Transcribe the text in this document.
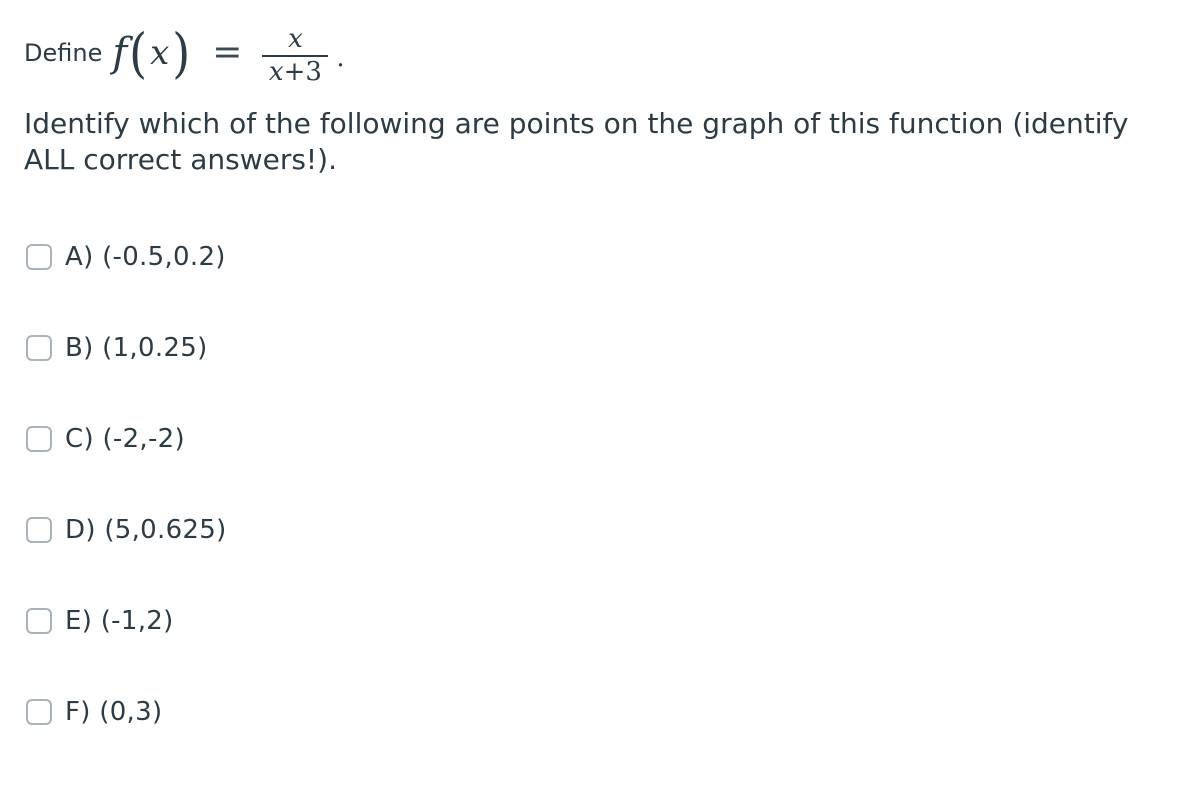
Define f ( x ) = $\frac{x}{x+3}$ .
Identify which of the following are points on the graph of this function (identify ALL correct answers!).
A) (-0.5,0.2)
B) (1,0.25)
C) (-2,-2)
D) (5,0.625)
E) (-1,2)
F) (0,3)
